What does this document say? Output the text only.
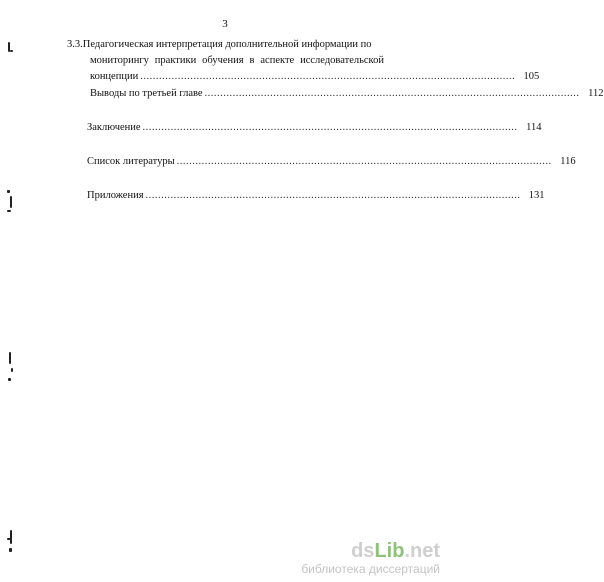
3
3.3.Педагогическая интерпретация дополнительной информации по
мониторингу практики обучения в аспекте исследовательской
концепции ........................................................................................................................ 105
Выводы по третьей главе ........................................................................................................................ 112
Заключение ........................................................................................................................ 114
Список литературы ........................................................................................................................ 116
Приложения ........................................................................................................................ 131
dsLib.net
библиотека диссертаций
